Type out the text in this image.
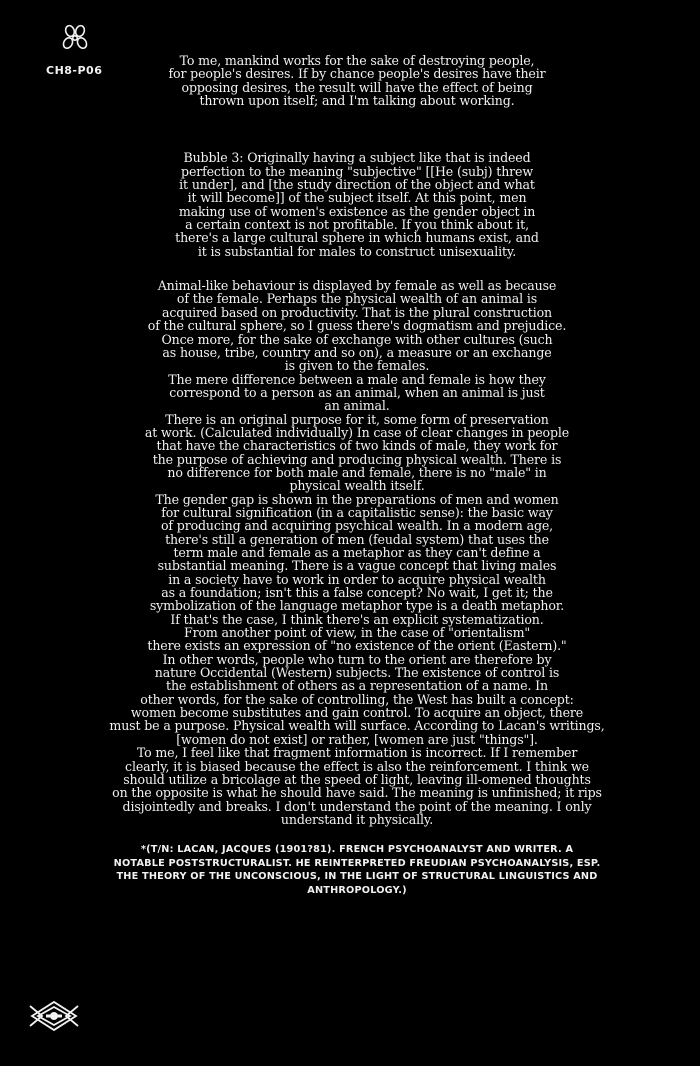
CH8-P06
To me, mankind works for the sake of destroying people,
for people's desires. If by chance people's desires have their
opposing desires, the result will have the effect of being
thrown upon itself; and I'm talking about working.
Bubble 3: Originally having a subject like that is indeed
perfection to the meaning "subjective" [[He (subj) threw
it under], and [the study direction of the object and what
it will become]] of the subject itself. At this point, men
making use of women's existence as the gender object in
a certain context is not profitable. If you think about it,
there's a large cultural sphere in which humans exist, and
it is substantial for males to construct unisexuality.
Animal-like behaviour is displayed by female as well as because
of the female. Perhaps the physical wealth of an animal is
acquired based on productivity. That is the plural construction
of the cultural sphere, so I guess there's dogmatism and prejudice.
Once more, for the sake of exchange with other cultures (such
as house, tribe, country and so on), a measure or an exchange
is given to the females.
The mere difference between a male and female is how they
correspond to a person as an animal, when an animal is just
an animal.
There is an original purpose for it, some form of preservation
at work. (Calculated individually) In case of clear changes in people
that have the characteristics of two kinds of male, they work for
the purpose of achieving and producing physical wealth. There is
no difference for both male and female, there is no "male" in
physical wealth itself.
The gender gap is shown in the preparations of men and women
for cultural signification (in a capitalistic sense): the basic way
of producing and acquiring psychical wealth. In a modern age,
there's still a generation of men (feudal system) that uses the
term male and female as a metaphor as they can't define a
substantial meaning. There is a vague concept that living males
in a society have to work in order to acquire physical wealth
as a foundation; isn't this a false concept? No wait, I get it; the
symbolization of the language metaphor type is a death metaphor.
If that's the case, I think there's an explicit systematization.
From another point of view, in the case of "orientalism"
there exists an expression of "no existence of the orient (Eastern)."
In other words, people who turn to the orient are therefore by
nature Occidental (Western) subjects. The existence of control is
the establishment of others as a representation of a name. In
other words, for the sake of controlling, the West has built a concept:
women become substitutes and gain control. To acquire an object, there
must be a purpose. Physical wealth will surface. According to Lacan's writings,
[women do not exist] or rather, [women are just "things"].
To me, I feel like that fragment information is incorrect. If I remember
clearly, it is biased because the effect is also the reinforcement. I think we
should utilize a bricolage at the speed of light, leaving ill-omened thoughts
on the opposite is what he should have said. The meaning is unfinished; it rips
disjointedly and breaks. I don't understand the point of the meaning. I only
understand it physically.
*(T/N: LACAN, JACQUES (1901?81). FRENCH PSYCHOANALYST AND WRITER. A
NOTABLE POSTSTRUCTURALIST. HE REINTERPRETED FREUDIAN PSYCHOANALYSIS, ESP.
THE THEORY OF THE UNCONSCIOUS, IN THE LIGHT OF STRUCTURAL LINGUISTICS AND
ANTHROPOLOGY.)
